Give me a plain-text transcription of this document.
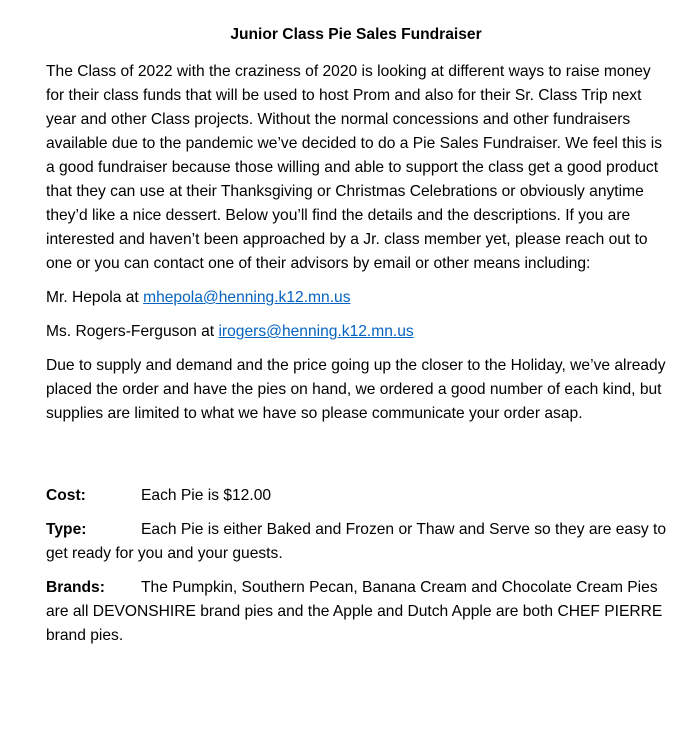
Junior Class Pie Sales Fundraiser

The Class of 2022 with the craziness of 2020 is looking at different ways to raise money for their class funds that will be used to host Prom and also for their Sr. Class Trip next year and other Class projects. Without the normal concessions and other fundraisers available due to the pandemic we’ve decided to do a Pie Sales Fundraiser. We feel this is a good fundraiser because those willing and able to support the class get a good product that they can use at their Thanksgiving or Christmas Celebrations or obviously anytime they’d like a nice dessert. Below you’ll find the details and the descriptions. If you are interested and haven’t been approached by a Jr. class member yet, please reach out to one or you can contact one of their advisors by email or other means including:

Mr. Hepola at mhepola@henning.k12.mn.us

Ms. Rogers-Ferguson at irogers@henning.k12.mn.us

Due to supply and demand and the price going up the closer to the Holiday, we’ve already placed the order and have the pies on hand, we ordered a good number of each kind, but supplies are limited to what we have so please communicate your order asap.

Cost:	Each Pie is $12.00

Type:	Each Pie is either Baked and Frozen or Thaw and Serve so they are easy to get ready for you and your guests.

Brands: The Pumpkin, Southern Pecan, Banana Cream and Chocolate Cream Pies are all DEVONSHIRE brand pies and the Apple and Dutch Apple are both CHEF PIERRE brand pies.
